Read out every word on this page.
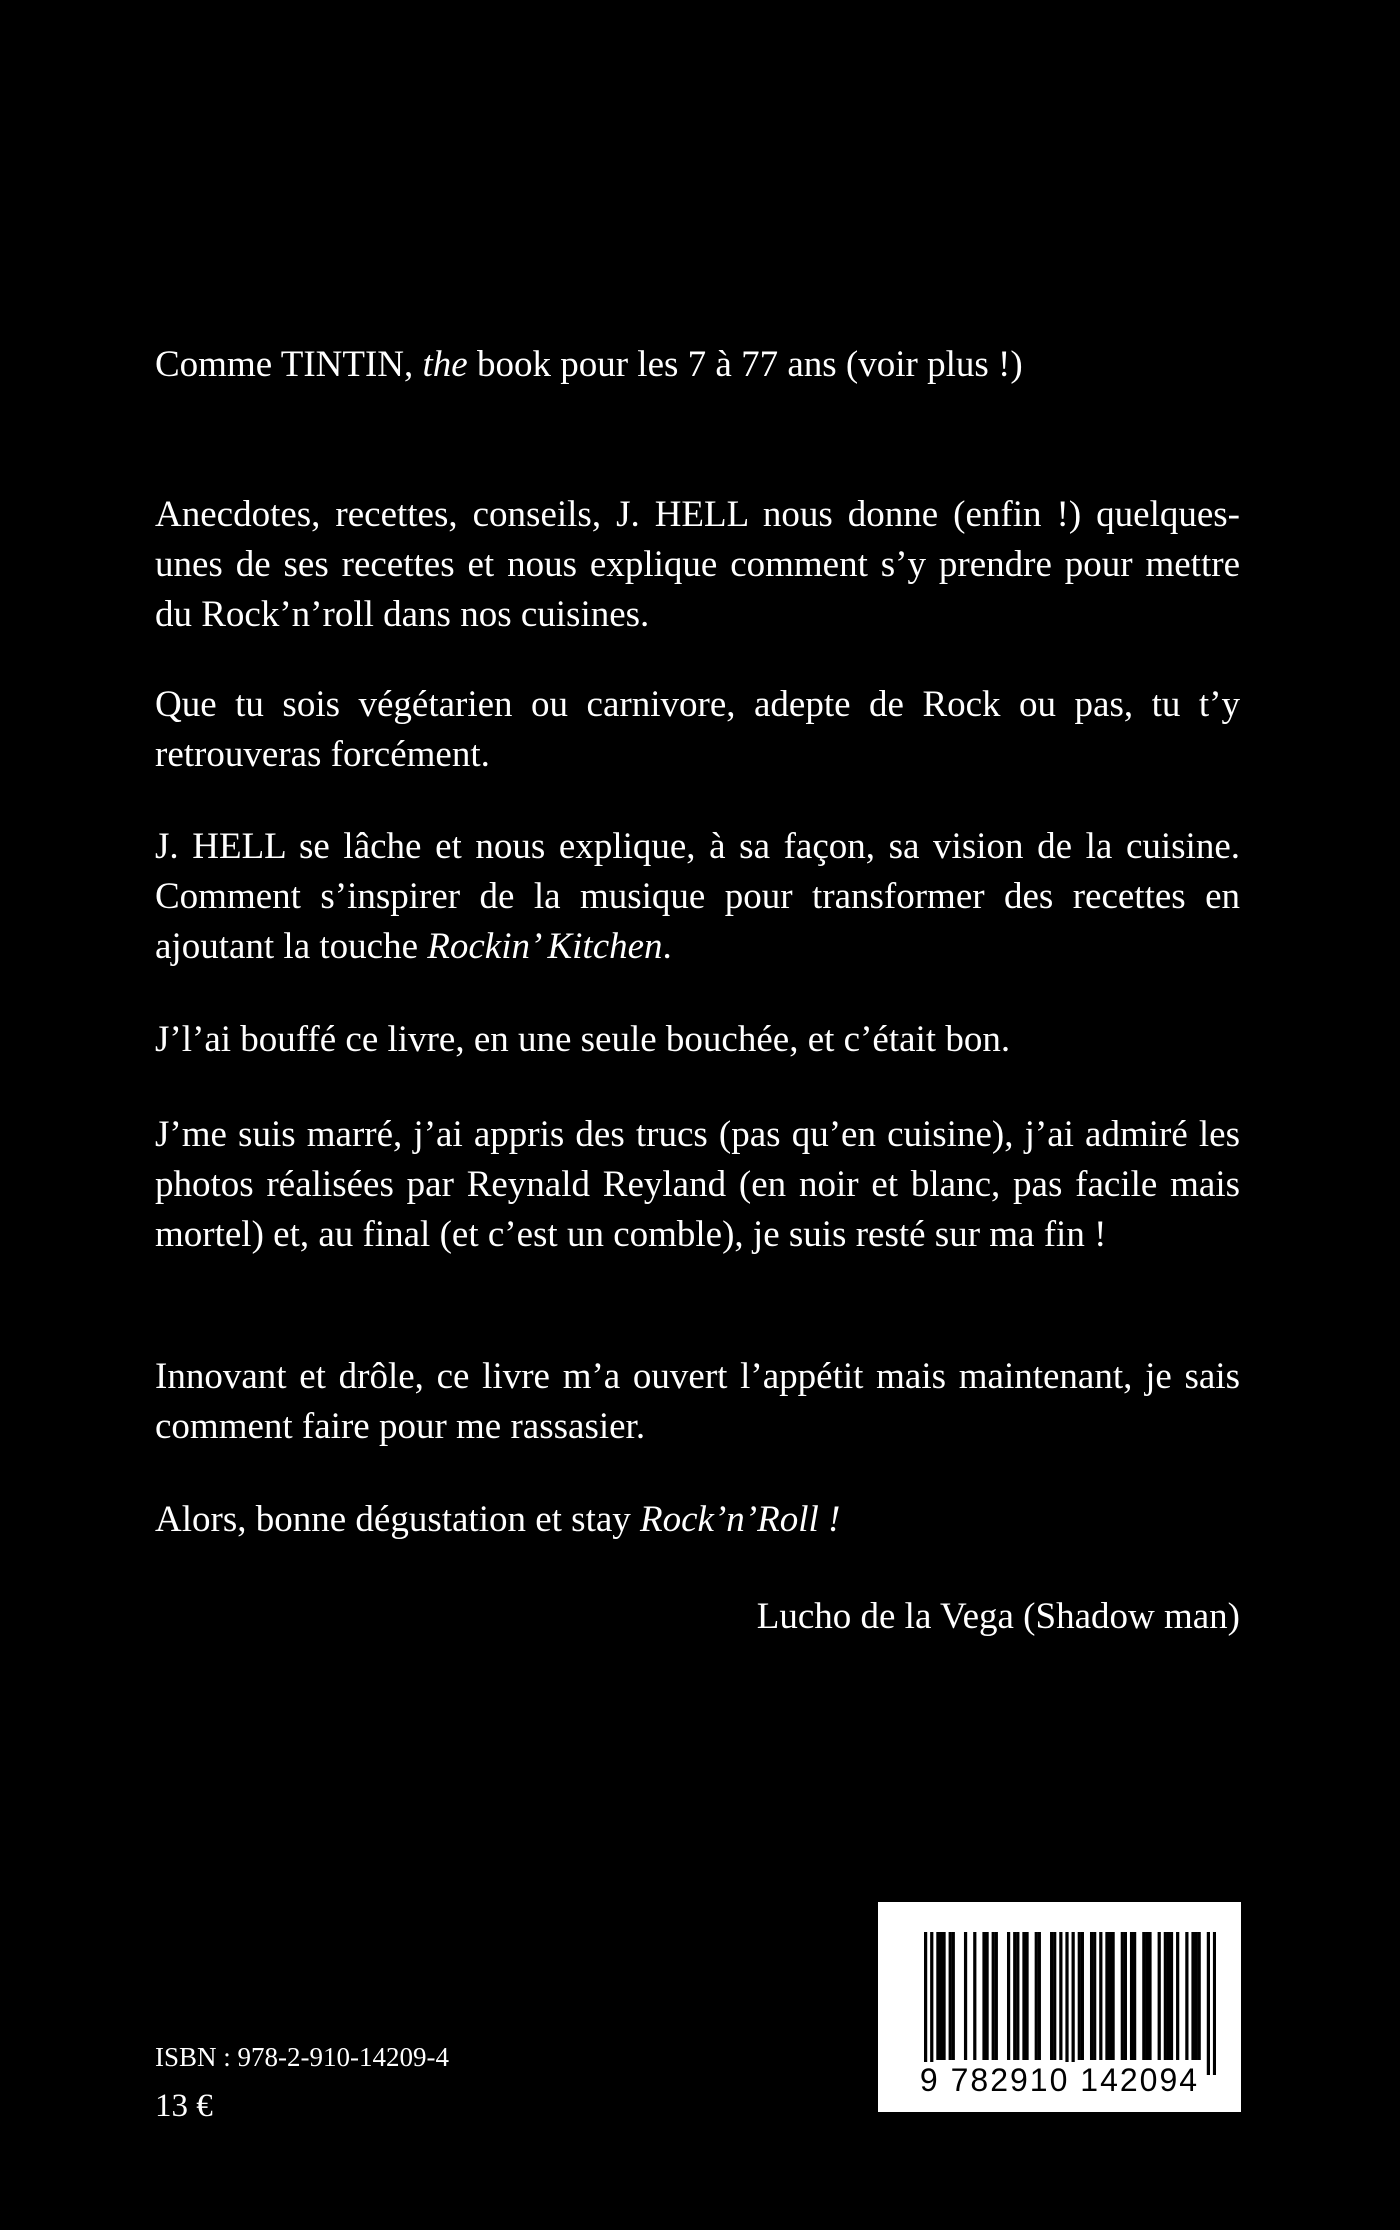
Comme TINTIN, the book pour les 7 à 77 ans (voir plus !)

Anecdotes, recettes, conseils, J. HELL nous donne (enfin !) quelques-unes de ses recettes et nous explique comment s’y prendre pour mettre du Rock’n’roll dans nos cuisines.

Que tu sois végétarien ou carnivore, adepte de Rock ou pas, tu t’y retrouveras forcément.

J. HELL se lâche et nous explique, à sa façon, sa vision de la cuisine. Comment s’inspirer de la musique pour transformer des recettes en ajoutant la touche Rockin’ Kitchen.

J’l’ai bouffé ce livre, en une seule bouchée, et c’était bon.

J’me suis marré, j’ai appris des trucs (pas qu’en cuisine), j’ai admiré les photos réalisées par Reynald Reyland (en noir et blanc, pas facile mais mortel) et, au final (et c’est un comble), je suis resté sur ma fin !

Innovant et drôle, ce livre m’a ouvert l’appétit mais maintenant, je sais comment faire pour me rassasier.

Alors, bonne dégustation et stay Rock’n’Roll !

Lucho de la Vega (Shadow man)

ISBN : 978-2-910-14209-4

13 €

9 782910 142094
